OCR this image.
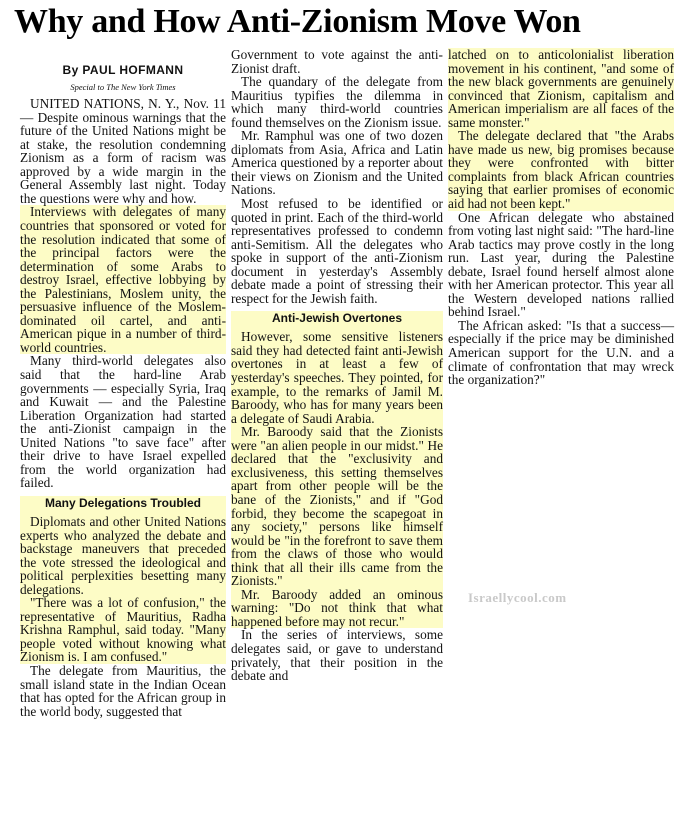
Why and How Anti-Zionism Move Won
By PAUL HOFMANN
Special to The New York Times

UNITED NATIONS, N. Y., Nov. 11 — Despite ominous warnings that the future of the United Nations might be at stake, the resolution condemning Zionism as a form of racism was approved by a wide margin in the General Assembly last night. Today the questions were why and how.

Interviews with delegates of many countries that sponsored or voted for the resolution indicated that some of the principal factors were the determination of some Arabs to destroy Israel, effective lobbying by the Palestinians, Moslem unity, the persuasive influence of the Moslem-dominated oil cartel, and anti-American pique in a number of third-world countries.

Many third-world delegates also said that the hard-line Arab governments — especially Syria, Iraq and Kuwait — and the Palestine Liberation Organization had started the anti-Zionist campaign in the United Nations "to save face" after their drive to have Israel expelled from the world organization had failed.

Many Delegations Troubled

Diplomats and other United Nations experts who analyzed the debate and backstage maneuvers that preceded the vote stressed the ideological and political perplexities besetting many delegations.

"There was a lot of confusion," the representative of Mauritius, Radha Krishna Ramphul, said today. "Many people voted without knowing what Zionism is. I am confused."

The delegate from Mauritius, the small island state in the Indian Ocean that has opted for the African group in the world body, suggested that

Government to vote against the anti-Zionist draft.

The quandary of the delegate from Mauritius typifies the dilemma in which many third-world countries found themselves on the Zionism issue.

Mr. Ramphul was one of two dozen diplomats from Asia, Africa and Latin America questioned by a reporter about their views on Zionism and the United Nations.

Most refused to be identified or quoted in print. Each of the third-world representatives professed to condemn anti-Semitism. All the delegates who spoke in support of the anti-Zionism document in yesterday's Assembly debate made a point of stressing their respect for the Jewish faith.

Anti-Jewish Overtones

However, some sensitive listeners said they had detected faint anti-Jewish overtones in at least a few of yesterday's speeches. They pointed, for example, to the remarks of Jamil M. Baroody, who has for many years been a delegate of Saudi Arabia.

Mr. Baroody said that the Zionists were "an alien people in our midst." He declared that the "exclusivity and exclusiveness, this setting themselves apart from other people will be the bane of the Zionists," and if "God forbid, they become the scapegoat in any society," persons like himself would be "in the forefront to save them from the claws of those who would think that all their ills came from the Zionists."

Mr. Baroody added an ominous warning: "Do not think that what happened before may not recur."

In the series of interviews, some delegates said, or gave to understand privately, that their position in the debate and

latched on to anticolonialist liberation movement in his continent, "and some of the new black governments are genuinely convinced that Zionism, capitalism and American imperialism are all faces of the same monster."

The delegate declared that "the Arabs have made us new, big promises because they were confronted with bitter complaints from black African countries saying that earlier promises of economic aid had not been kept."

One African delegate who abstained from voting last night said: "The hard-line Arab tactics may prove costly in the long run. Last year, during the Palestine debate, Israel found herself almost alone with her American protector. This year all the Western developed nations rallied behind Israel."

The African asked: "Is that a success—especially if the price may be diminished American support for the U.N. and a climate of confrontation that may wreck the organization?"

Israellycool.com
